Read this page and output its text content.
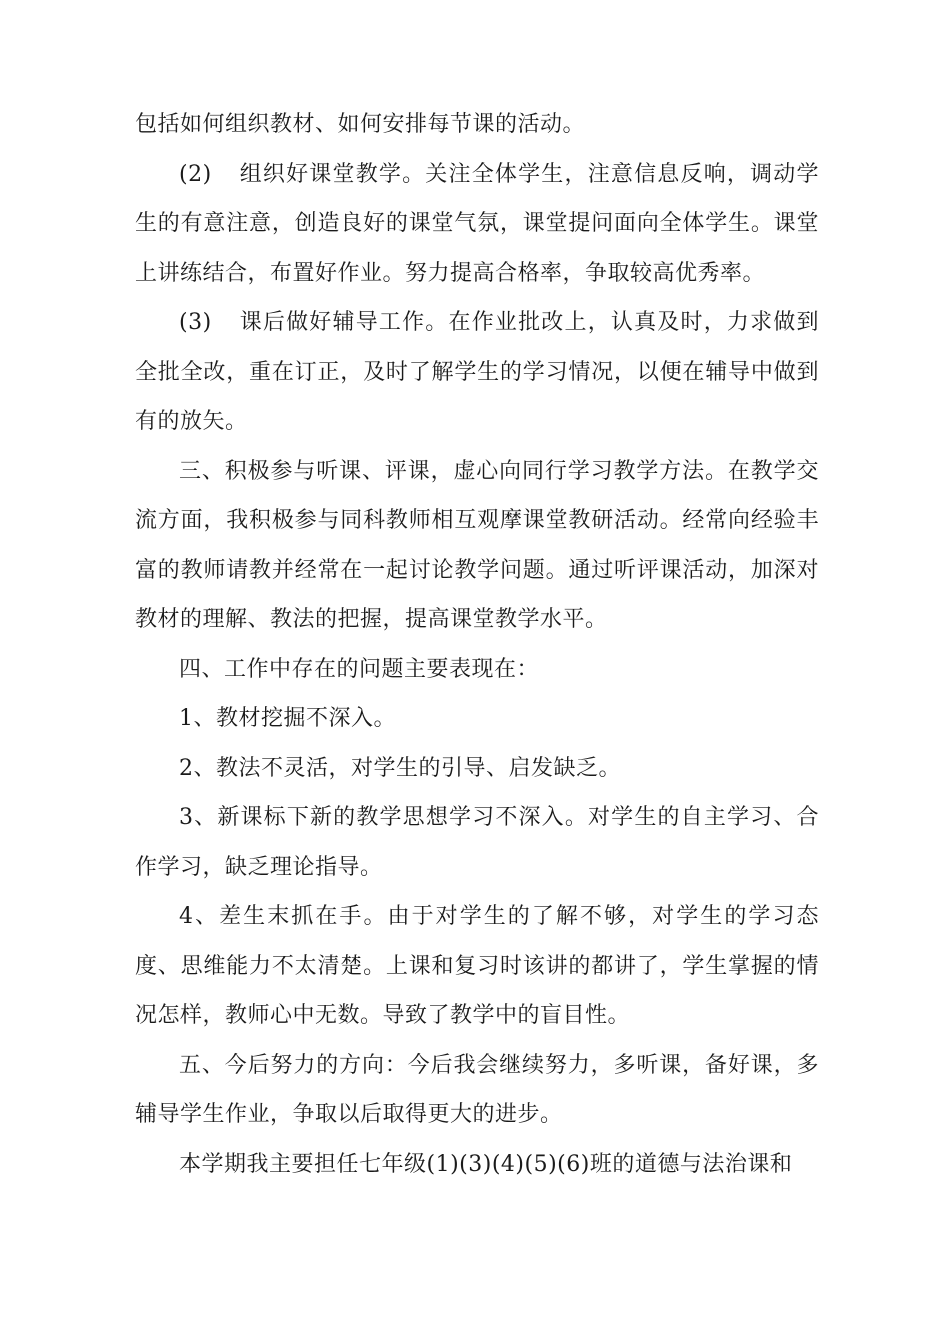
包括如何组织教材、如何安排每节课的活动。

(2) 组织好课堂教学。关注全体学生，注意信息反响，调动学生的有意注意，创造良好的课堂气氛，课堂提问面向全体学生。课堂上讲练结合，布置好作业。努力提高合格率，争取较高优秀率。

(3) 课后做好辅导工作。在作业批改上，认真及时，力求做到全批全改，重在订正，及时了解学生的学习情况，以便在辅导中做到有的放矢。

三、积极参与听课、评课，虚心向同行学习教学方法。在教学交流方面，我积极参与同科教师相互观摩课堂教研活动。经常向经验丰富的教师请教并经常在一起讨论教学问题。通过听评课活动，加深对教材的理解、教法的把握，提高课堂教学水平。

四、工作中存在的问题主要表现在：

1、教材挖掘不深入。

2、教法不灵活，对学生的引导、启发缺乏。

3、新课标下新的教学思想学习不深入。对学生的自主学习、合作学习，缺乏理论指导。

4、差生末抓在手。由于对学生的了解不够，对学生的学习态度、思维能力不太清楚。上课和复习时该讲的都讲了，学生掌握的情况怎样，教师心中无数。导致了教学中的盲目性。

五、今后努力的方向：今后我会继续努力，多听课，备好课，多辅导学生作业，争取以后取得更大的进步。

本学期我主要担任七年级(1)(3)(4)(5)(6)班的道德与法治课和
